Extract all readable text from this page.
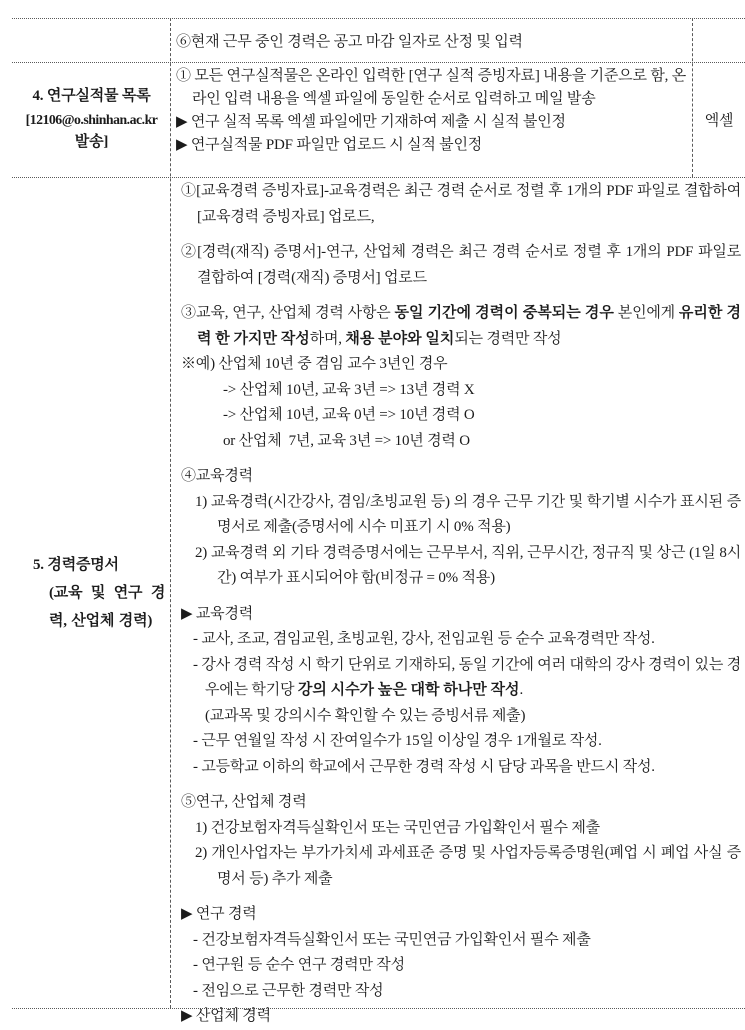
⑥현재 근무 중인 경력은 공고 마감 일자로 산정 및 입력
4. 연구실적물 목록
[12106@o.shinhan.ac.kr
발송]
① 모든 연구실적물은 온라인 입력한 [연구 실적 증빙자료] 내용을 기준으로 함, 온라인 입력 내용을 엑셀 파일에 동일한 순서로 입력하고 메일 발송
▶ 연구 실적 목록 엑셀 파일에만 기재하여 제출 시 실적 불인정
▶ 연구실적물 PDF 파일만 업로드 시 실적 불인정
엑셀
5. 경력증명서
(교육 및 연구 경
력, 산업체 경력)
①[교육경력 증빙자료]-교육경력은 최근 경력 순서로 정렬 후 1개의 PDF 파일로 결합하여 [교육경력 증빙자료] 업로드,
②[경력(재직) 증명서]-연구, 산업체 경력은 최근 경력 순서로 정렬 후 1개의 PDF 파일로 결합하여 [경력(재직) 증명서] 업로드
③교육, 연구, 산업체 경력 사항은 동일 기간에 경력이 중복되는 경우 본인에게 유리한 경력 한 가지만 작성하며, 채용 분야와 일치되는 경력만 작성
※예) 산업체 10년 중 겸임 교수 3년인 경우
-> 산업체 10년, 교육 3년 => 13년 경력 X
-> 산업체 10년, 교육 0년 => 10년 경력 O
or 산업체  7년, 교육 3년 => 10년 경력 O
④교육경력
1) 교육경력(시간강사, 겸임/초빙교원 등) 의 경우 근무 기간 및 학기별 시수가 표시된 증명서로 제출(증명서에 시수 미표기 시 0% 적용)
2) 교육경력 외 기타 경력증명서에는 근무부서, 직위, 근무시간, 정규직 및 상근 (1일 8시간) 여부가 표시되어야 함(비정규 = 0% 적용)
▶ 교육경력
- 교사, 조교, 겸임교원, 초빙교원, 강사, 전임교원 등 순수 교육경력만 작성.
- 강사 경력 작성 시 학기 단위로 기재하되, 동일 기간에 여러 대학의 강사 경력이 있는 경우에는 학기당 강의 시수가 높은 대학 하나만 작성.
(교과목 및 강의시수 확인할 수 있는 증빙서류 제출)
- 근무 연월일 작성 시 잔여일수가 15일 이상일 경우 1개월로 작성.
- 고등학교 이하의 학교에서 근무한 경력 작성 시 담당 과목을 반드시 작성.
⑤연구, 산업체 경력
1) 건강보험자격득실확인서 또는 국민연금 가입확인서 필수 제출
2) 개인사업자는 부가가치세 과세표준 증명 및 사업자등록증명원(폐업 시 폐업 사실 증명서 등) 추가 제출
▶ 연구 경력
- 건강보험자격득실확인서 또는 국민연금 가입확인서 필수 제출
- 연구원 등 순수 연구 경력만 작성
- 전임으로 근무한 경력만 작성
▶ 산업체 경력
